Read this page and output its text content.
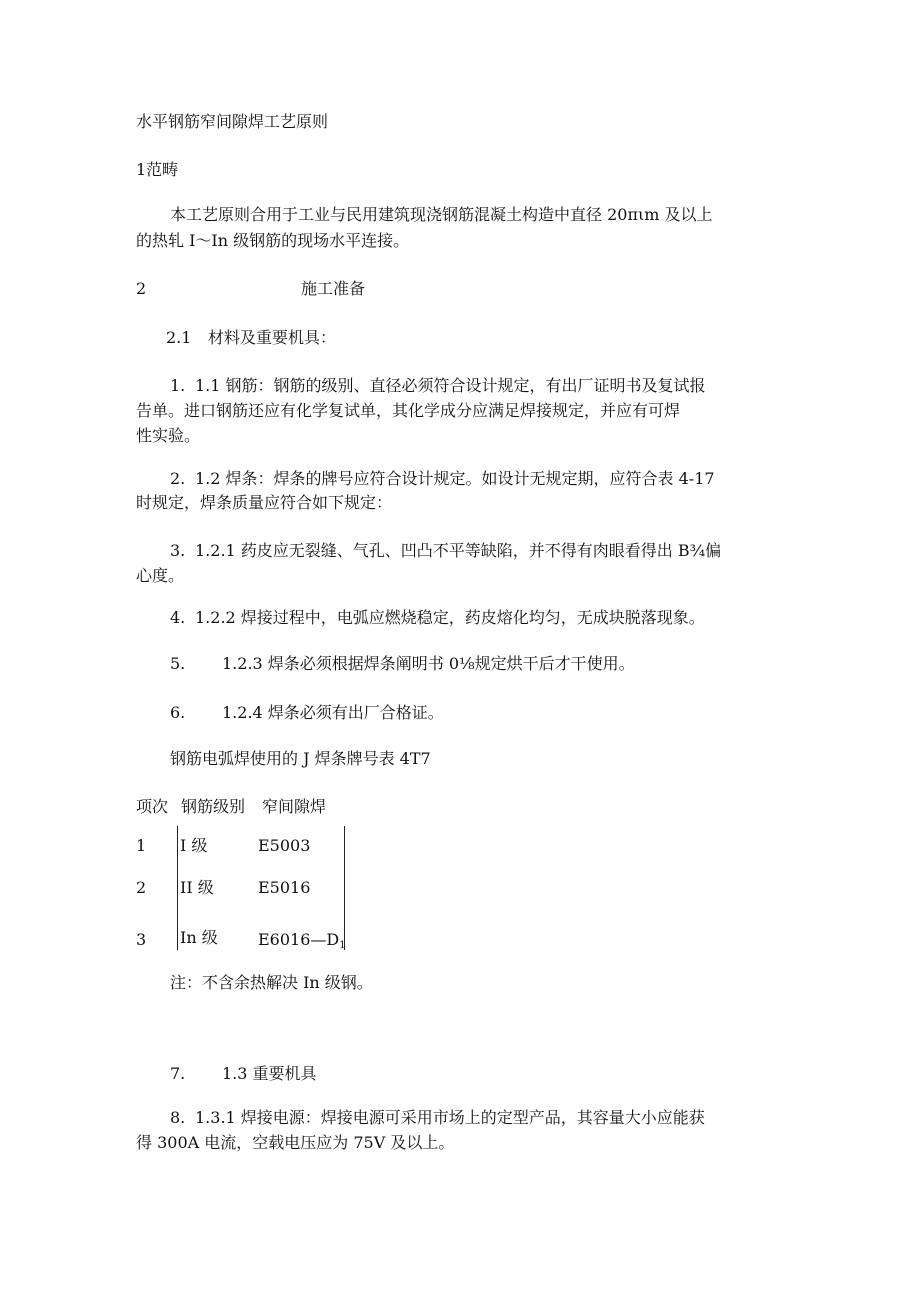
水平钢筋窄间隙焊工艺原则
1范畴
本工艺原则合用于工业与民用建筑现浇钢筋混凝土构造中直径 20πιm 及以上
的热轧 I～In 级钢筋的现场水平连接。
2	施工准备
2.1 材料及重要机具：
1. 1.1 钢筋：钢筋的级别、直径必须符合设计规定，有出厂证明书及复试报
告单。进口钢筋还应有化学复试单，其化学成分应满足焊接规定，并应有可焊
性实验。
2. 1.2 焊条：焊条的牌号应符合设计规定。如设计无规定期，应符合表 4-17
时规定，焊条质量应符合如下规定：
3. 1.2.1 药皮应无裂缝、气孔、凹凸不平等缺陷，并不得有肉眼看得出 B¾偏
心度。
4. 1.2.2 焊接过程中，电弧应燃烧稳定，药皮熔化均匀，无成块脱落现象。
5. 1.2.3 焊条必须根据焊条阐明书 0⅛规定烘干后才干使用。
6. 1.2.4 焊条必须有出厂合格证。
钢筋电弧焊使用的 J 焊条牌号表 4T7
项次 钢筋级别 窄间隙焊
1 I 级	E5003
2 II 级	E5016
3 In 级	$E6016—D_1$
注：不含余热解决 In 级钢。
7. 1.3 重要机具
8. 1.3.1 焊接电源：焊接电源可采用市场上的定型产品，其容量大小应能获
得 300A 电流，空载电压应为 75V 及以上。
